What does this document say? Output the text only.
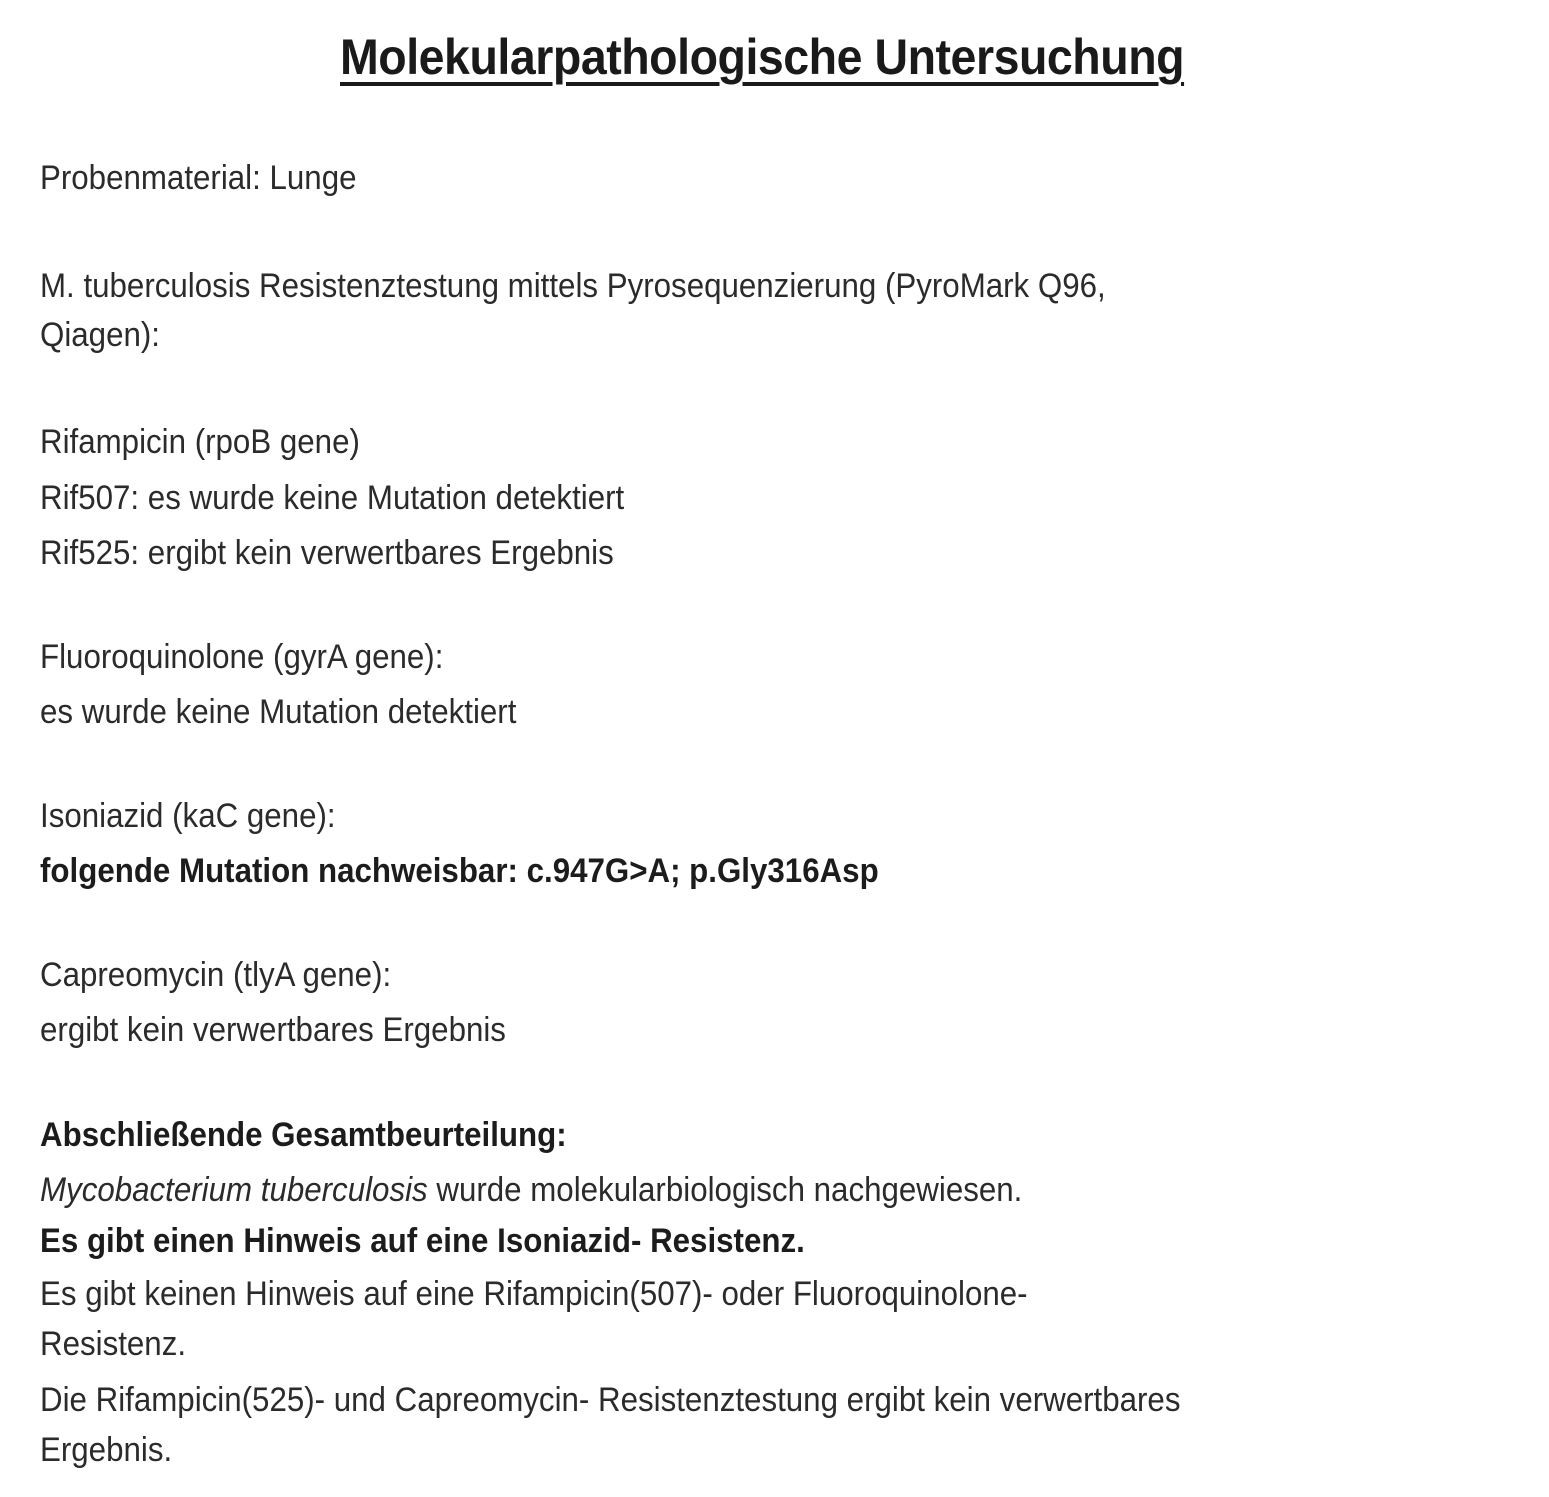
Molekularpathologische Untersuchung
Probenmaterial: Lunge
M. tuberculosis Resistenztestung mittels Pyrosequenzierung (PyroMark Q96,
Qiagen):
Rifampicin (rpoB gene)
Rif507: es wurde keine Mutation detektiert
Rif525: ergibt kein verwertbares Ergebnis
Fluoroquinolone (gyrA gene):
es wurde keine Mutation detektiert
Isoniazid (kaC gene):
folgende Mutation nachweisbar: c.947G>A; p.Gly316Asp
Capreomycin (tlyA gene):
ergibt kein verwertbares Ergebnis
Abschließende Gesamtbeurteilung:
Mycobacterium tuberculosis wurde molekularbiologisch nachgewiesen.
Es gibt einen Hinweis auf eine Isoniazid- Resistenz.
Es gibt keinen Hinweis auf eine Rifampicin(507)- oder Fluoroquinolone-
Resistenz.
Die Rifampicin(525)- und Capreomycin- Resistenztestung ergibt kein verwertbares
Ergebnis.
